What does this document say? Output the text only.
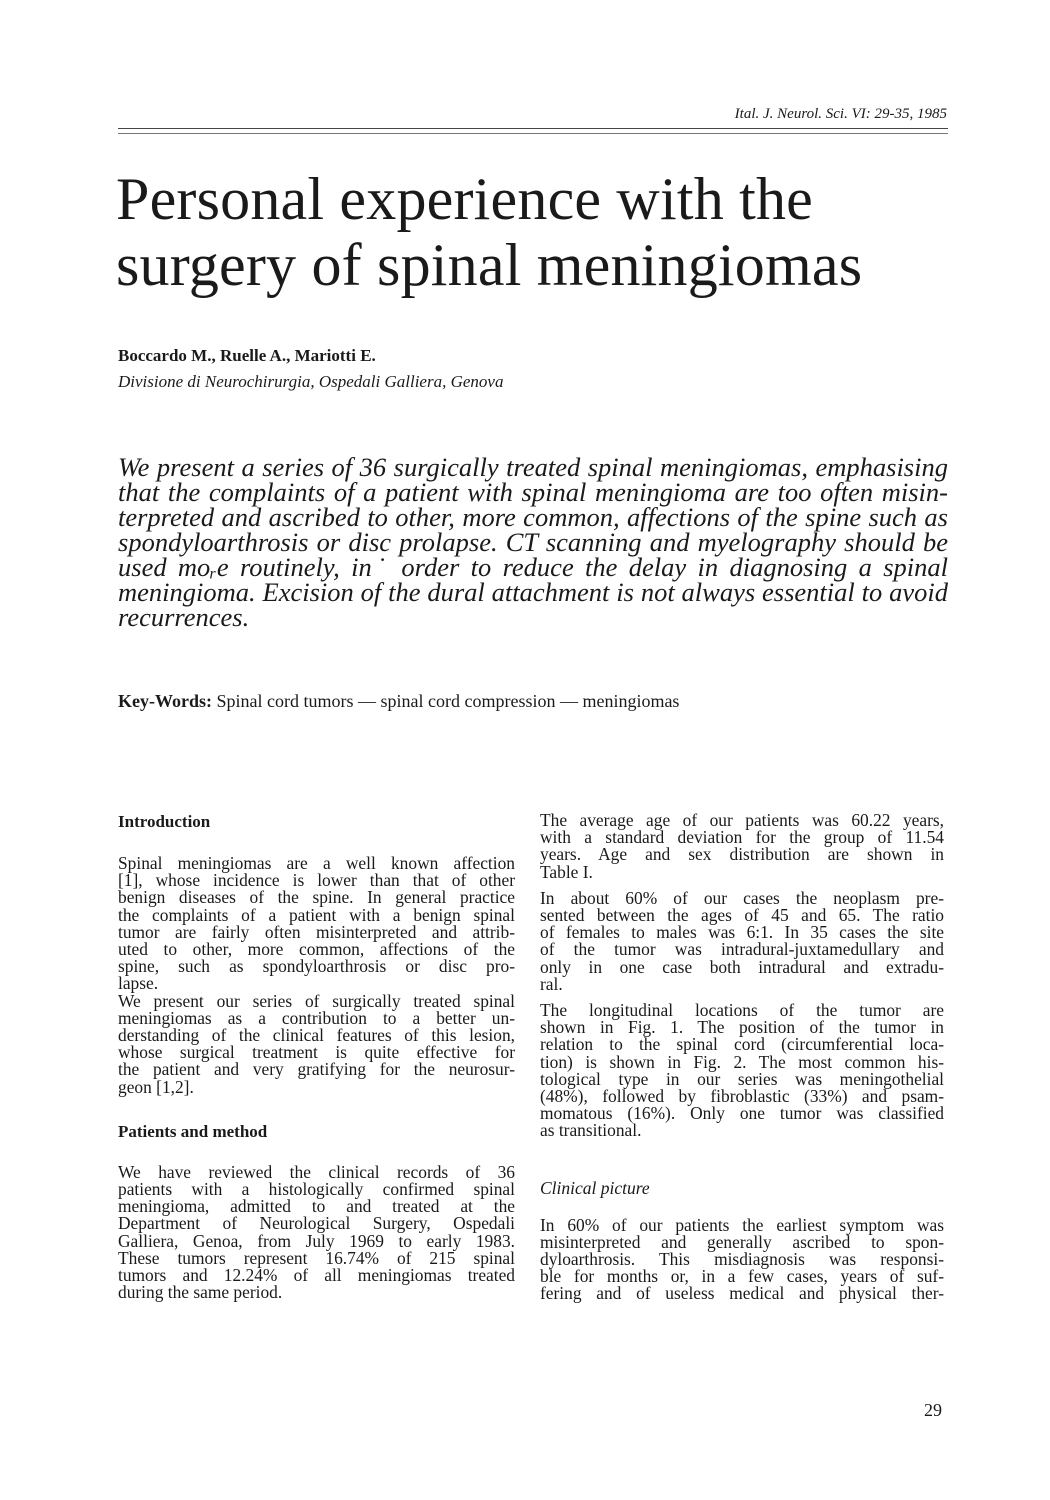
Ital. J. Neurol. Sci. VI: 29-35, 1985
Personal experience with the
surgery of spinal meningiomas
Boccardo M., Ruelle A., Mariotti E.
Divisione di Neurochirurgia, Ospedali Galliera, Genova
We present a series of 36 surgically treated spinal meningiomas, emphasising
that the complaints of a patient with spinal meningioma are too often misin-
terpreted and ascribed to other, more common, affections of the spine such as
spondyloarthrosis or disc prolapse. CT scanning and myelography should be
used moᵣe routinely, in˙ order to reduce the delay in diagnosing a spinal
meningioma. Excision of the dural attachment is not always essential to avoid
recurrences.
Key-Words: Spinal cord tumors — spinal cord compression — meningiomas
Introduction

Spinal meningiomas are a well known affection
[1], whose incidence is lower than that of other
benign diseases of the spine. In general practice
the complaints of a patient with a benign spinal
tumor are fairly often misinterpreted and attrib-
uted to other, more common, affections of the
spine, such as spondyloarthrosis or disc pro-
lapse.

We present our series of surgically treated spinal
meningiomas as a contribution to a better un-
derstanding of the clinical features of this lesion,
whose surgical treatment is quite effective for
the patient and very gratifying for the neurosur-
geon [1,2].

Patients and method

We have reviewed the clinical records of 36
patients with a histologically confirmed spinal
meningioma, admitted to and treated at the
Department of Neurological Surgery, Ospedali
Galliera, Genoa, from July 1969 to early 1983.
These tumors represent 16.74% of 215 spinal
tumors and 12.24% of all meningiomas treated
during the same period.

The average age of our patients was 60.22 years,
with a standard deviation for the group of 11.54
years. Age and sex distribution are shown in
Table I.

In about 60% of our cases the neoplasm pre-
sented between the ages of 45 and 65. The ratio
of females to males was 6:1. In 35 cases the site
of the tumor was intradural-juxtamedullary and
only in one case both intradural and extradu-
ral.

The longitudinal locations of the tumor are
shown in Fig. 1. The position of the tumor in
relation to the spinal cord (circumferential loca-
tion) is shown in Fig. 2. The most common his-
tological type in our series was meningothelial
(48%), followed by fibroblastic (33%) and psam-
momatous (16%). Only one tumor was classified
as transitional.

Clinical picture

In 60% of our patients the earliest symptom was
misinterpreted and generally ascribed to spon-
dyloarthrosis. This misdiagnosis was responsi-
ble for months or, in a few cases, years of suf-
fering and of useless medical and physical ther-

29
